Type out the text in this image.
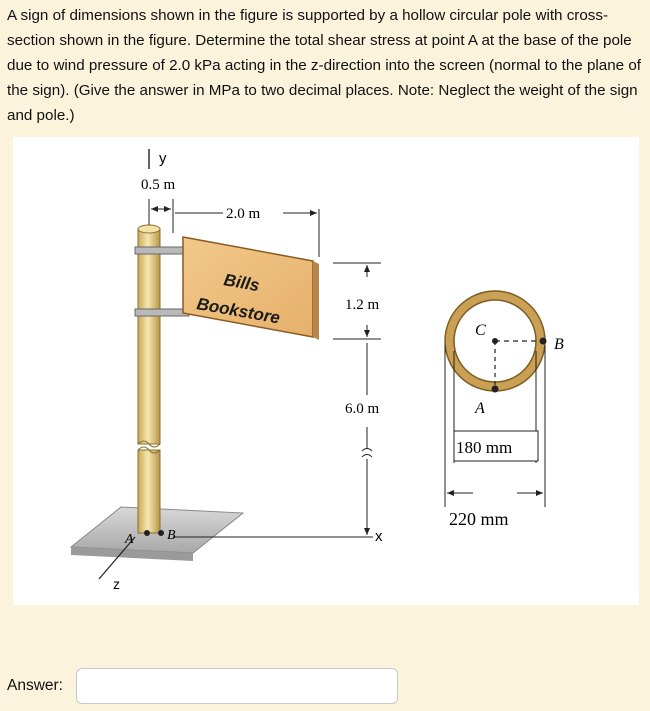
A sign of dimensions shown in the figure is supported by a hollow circular pole with cross-section shown in the figure. Determine the total shear stress at point A at the base of the pole due to wind pressure of 2.0 kPa acting in the z-direction into the screen (normal to the plane of the sign). (Give the answer in MPa to two decimal places. Note: Neglect the weight of the sign and pole.)
y
z
Bills
Bookstore
0.5 m
2.0 m
1.2 m
6.0 m
x
A B
C
B
A
180 mm
220 mm
Answer:
